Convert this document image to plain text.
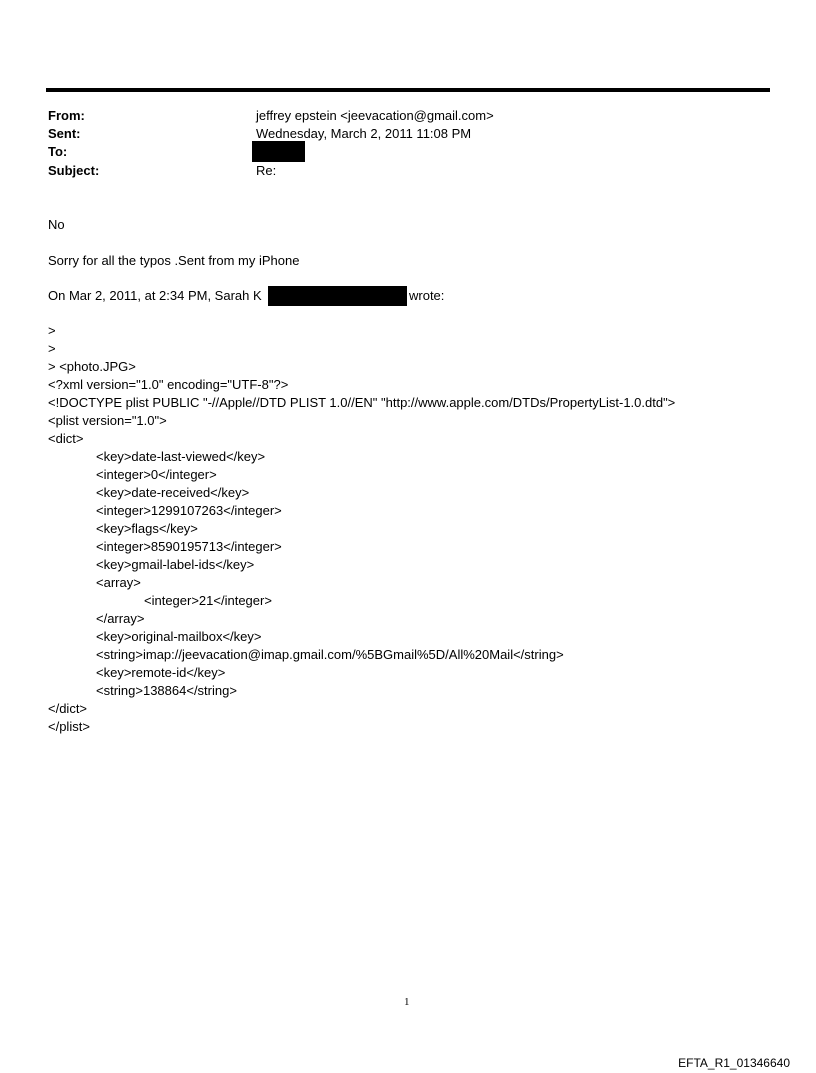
From:	jeffrey epstein <jeevacation@gmail.com>
Sent:	Wednesday, March 2, 2011 11:08 PM
To:
Subject:	Re:
No
Sorry for all the typos .Sent from my iPhone
On Mar 2, 2011, at 2:34 PM, Sarah K	wrote:
>
>
> <photo.JPG>
<?xml version="1.0" encoding="UTF-8"?>
<!DOCTYPE plist PUBLIC "-//Apple//DTD PLIST 1.0//EN" "http://www.apple.com/DTDs/PropertyList-1.0.dtd">
<plist version="1.0">
<dict>
<key>date-last-viewed</key>
<integer>0</integer>
<key>date-received</key>
<integer>1299107263</integer>
<key>flags</key>
<integer>8590195713</integer>
<key>gmail-label-ids</key>
<array>
<integer>21</integer>
</array>
<key>original-mailbox</key>
<string>imap://jeevacation@imap.gmail.com/%5BGmail%5D/All%20Mail</string>
<key>remote-id</key>
<string>138864</string>
</dict>
</plist>
1
EFTA_R1_01346640
